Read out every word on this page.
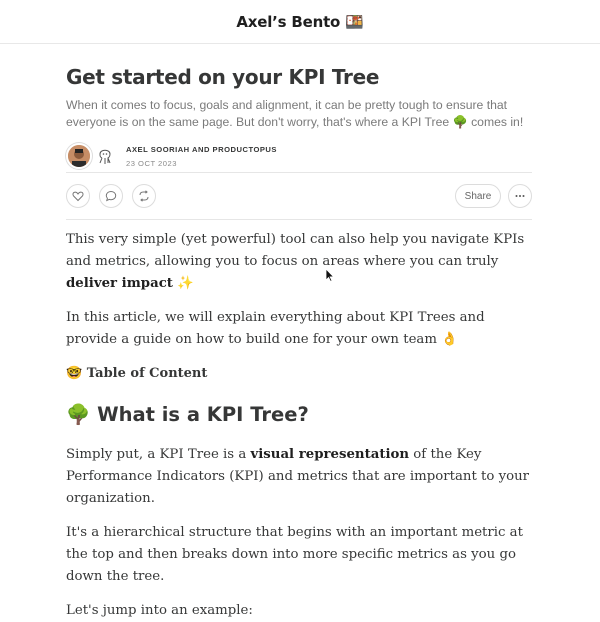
Axel’s Bento 🍱
Get started on your KPI Tree

When it comes to focus, goals and alignment, it can be pretty tough to ensure that everyone is on the same page. But don't worry, that's where a KPI Tree 🌳 comes in!

AXEL SOORIAH AND PRODUCTOPUS
23 OCT 2023
Share

This very simple (yet powerful) tool can also help you navigate KPIs and metrics, allowing you to focus on areas where you can truly deliver impact ✨

In this article, we will explain everything about KPI Trees and provide a guide on how to build one for your own team 👌

🤓 Table of Content
🌳 What is a KPI Tree?

Simply put, a KPI Tree is a visual representation of the Key Performance Indicators (KPI) and metrics that are important to your organization.

It's a hierarchical structure that begins with an important metric at the top and then breaks down into more specific metrics as you go down the tree.

Let's jump into an example:
